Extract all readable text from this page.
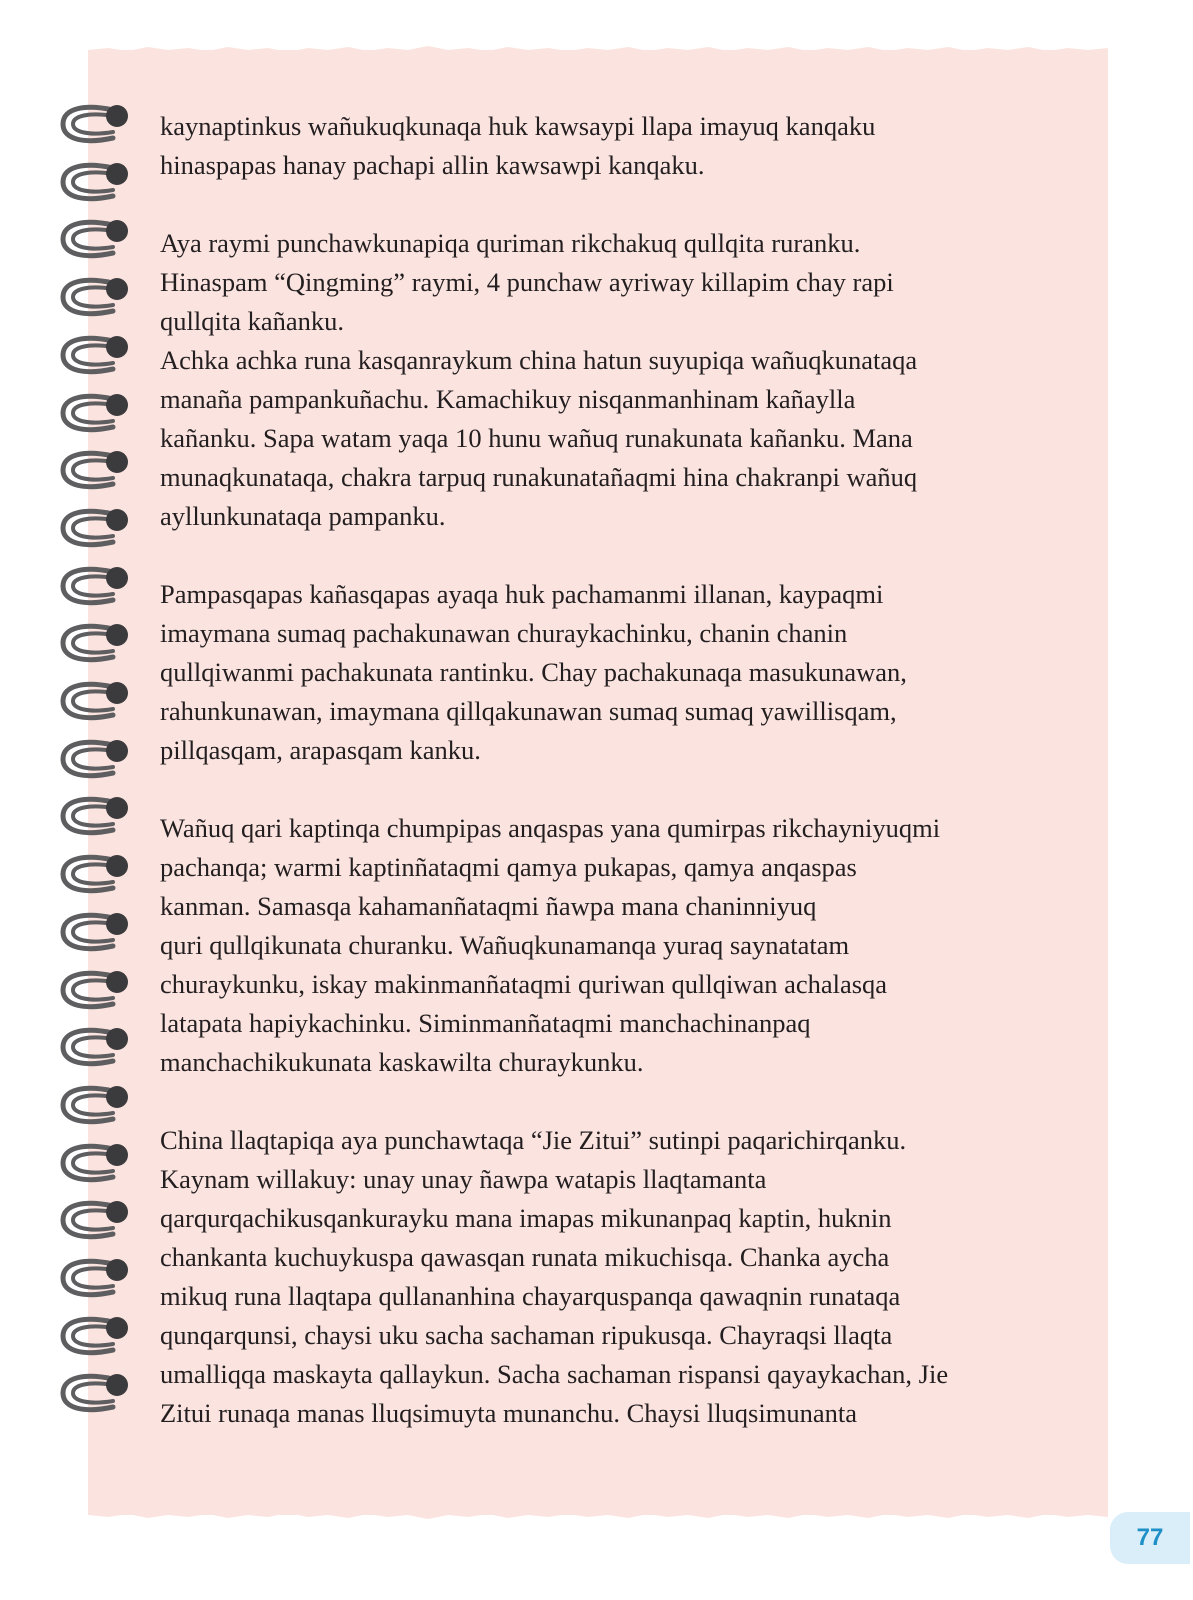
kaynaptinkus wañukuqkunaqa huk kawsaypi llapa imayuq kanqaku
hinaspapas hanay pachapi allin kawsawpi kanqaku.

Aya raymi punchawkunapiqa quriman rikchakuq qullqita ruranku.
Hinaspam “Qingming” raymi, 4 punchaw ayriway killapim chay rapi
qullqita kañanku.

Achka achka runa kasqanraykum china hatun suyupiqa wañuqkunataqa
manaña pampankuñachu. Kamachikuy nisqanmanhinam kañaylla
kañanku. Sapa watam yaqa 10 hunu wañuq runakunata kañanku. Mana
munaqkunataqa, chakra tarpuq runakunatañaqmi hina chakranpi wañuq
ayllunkunataqa pampanku.

Pampasqapas kañasqapas ayaqa huk pachamanmi illanan, kaypaqmi
imaymana sumaq pachakunawan churaykachinku, chanin chanin
qullqiwanmi pachakunata rantinku. Chay pachakunaqa masukunawan,
rahunkunawan, imaymana qillqakunawan sumaq sumaq yawillisqam,
pillqasqam, arapasqam kanku.

Wañuq qari kaptinqa chumpipas anqaspas yana qumirpas rikchayniyuqmi
pachanqa; warmi kaptinñataqmi qamya pukapas, qamya anqaspas
kanman. Samasqa kahamanñataqmi ñawpa mana chaninniyuq
quri qullqikunata churanku. Wañuqkunamanqa yuraq saynatatam
churaykunku, iskay makinmanñataqmi quriwan qullqiwan achalasqa
latapata hapiykachinku. Siminmanñataqmi manchachinanpaq
manchachikukunata kaskawilta churaykunku.

China llaqtapiqa aya punchawtaqa “Jie Zitui” sutinpi paqarichirqanku.
Kaynam willakuy: unay unay ñawpa watapis llaqtamanta
qarqurqachikusqankurayku mana imapas mikunanpaq kaptin, huknin
chankanta kuchuykuspa qawasqan runata mikuchisqa. Chanka aycha
mikuq runa llaqtapa qullananhina chayarquspanqa qawaqnin runataqa
qunqarqunsi, chaysi uku sacha sachaman ripukusqa. Chayraqsi llaqta
umalliqqa maskayta qallaykun. Sacha sachaman rispansi qayaykachan, Jie
Zitui runaqa manas lluqsimuyta munanchu. Chaysi lluqsimunanta

77
